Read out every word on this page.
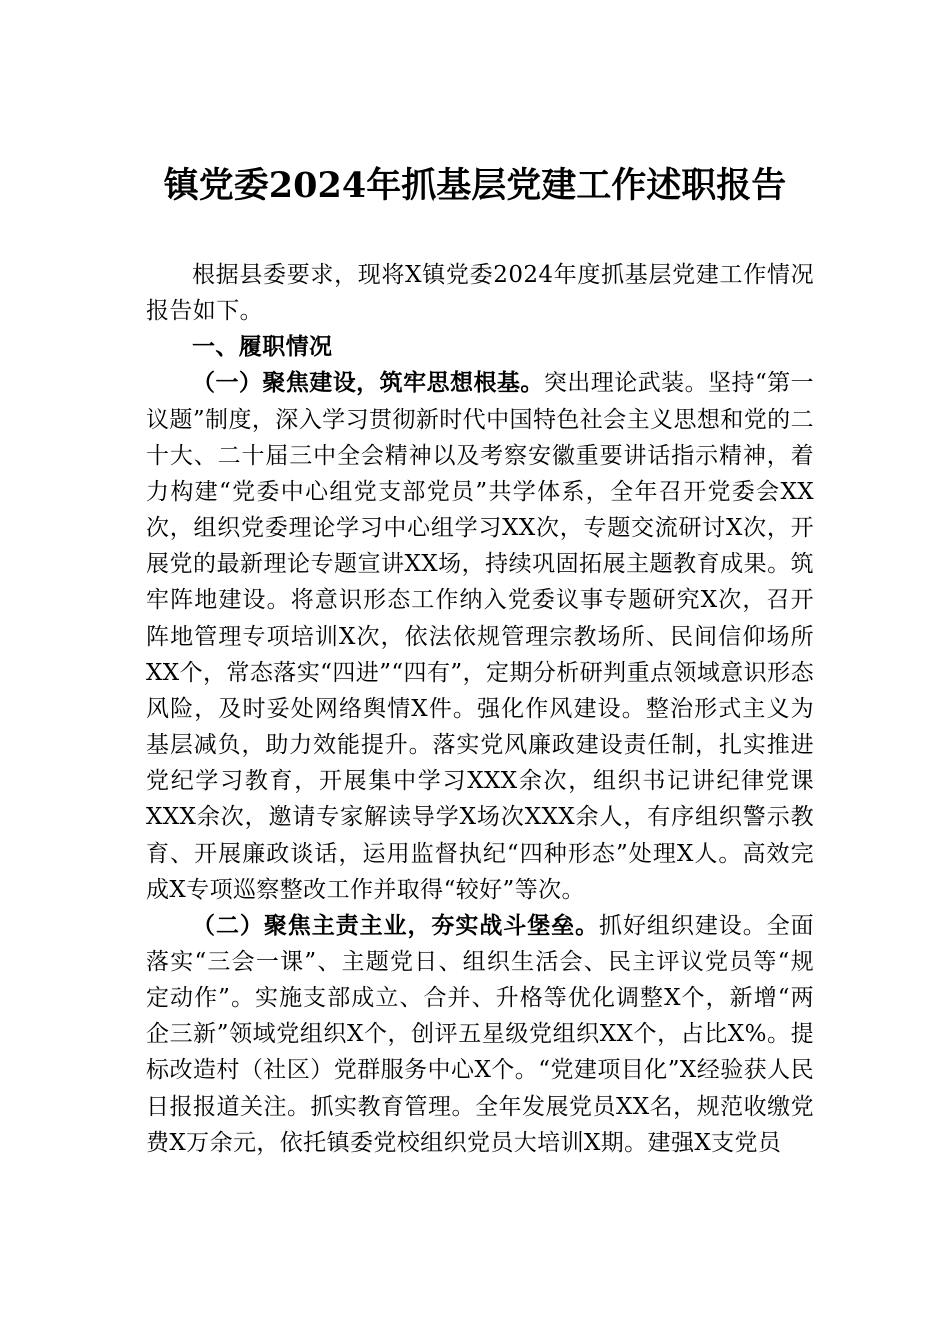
镇党委2024年抓基层党建工作述职报告

根据县委要求，现将X镇党委2024年度抓基层党建工作情况报告如下。

一、履职情况

（一）聚焦建设，筑牢思想根基。突出理论武装。坚持“第一议题”制度，深入学习贯彻新时代中国特色社会主义思想和党的二十大、二十届三中全会精神以及考察安徽重要讲话指示精神，着力构建“党委中心组党支部党员”共学体系，全年召开党委会XX次，组织党委理论学习中心组学习XX次，专题交流研讨X次，开展党的最新理论专题宣讲XX场，持续巩固拓展主题教育成果。筑牢阵地建设。将意识形态工作纳入党委议事专题研究X次，召开阵地管理专项培训X次，依法依规管理宗教场所、民间信仰场所XX个，常态落实“四进”“四有”，定期分析研判重点领域意识形态风险，及时妥处网络舆情X件。强化作风建设。整治形式主义为基层减负，助力效能提升。落实党风廉政建设责任制，扎实推进党纪学习教育，开展集中学习XXX余次，组织书记讲纪律党课XXX余次，邀请专家解读导学X场次XXX余人，有序组织警示教育、开展廉政谈话，运用监督执纪“四种形态”处理X人。高效完成X专项巡察整改工作并取得“较好”等次。

（二）聚焦主责主业，夯实战斗堡垒。抓好组织建设。全面落实“三会一课”、主题党日、组织生活会、民主评议党员等“规定动作”。实施支部成立、合并、升格等优化调整X个，新增“两企三新”领域党组织X个，创评五星级党组织XX个，占比X%。提标改造村（社区）党群服务中心X个。“党建项目化”X经验获人民日报报道关注。抓实教育管理。全年发展党员XX名，规范收缴党费X万余元，依托镇委党校组织党员大培训X期。建强X支党员
